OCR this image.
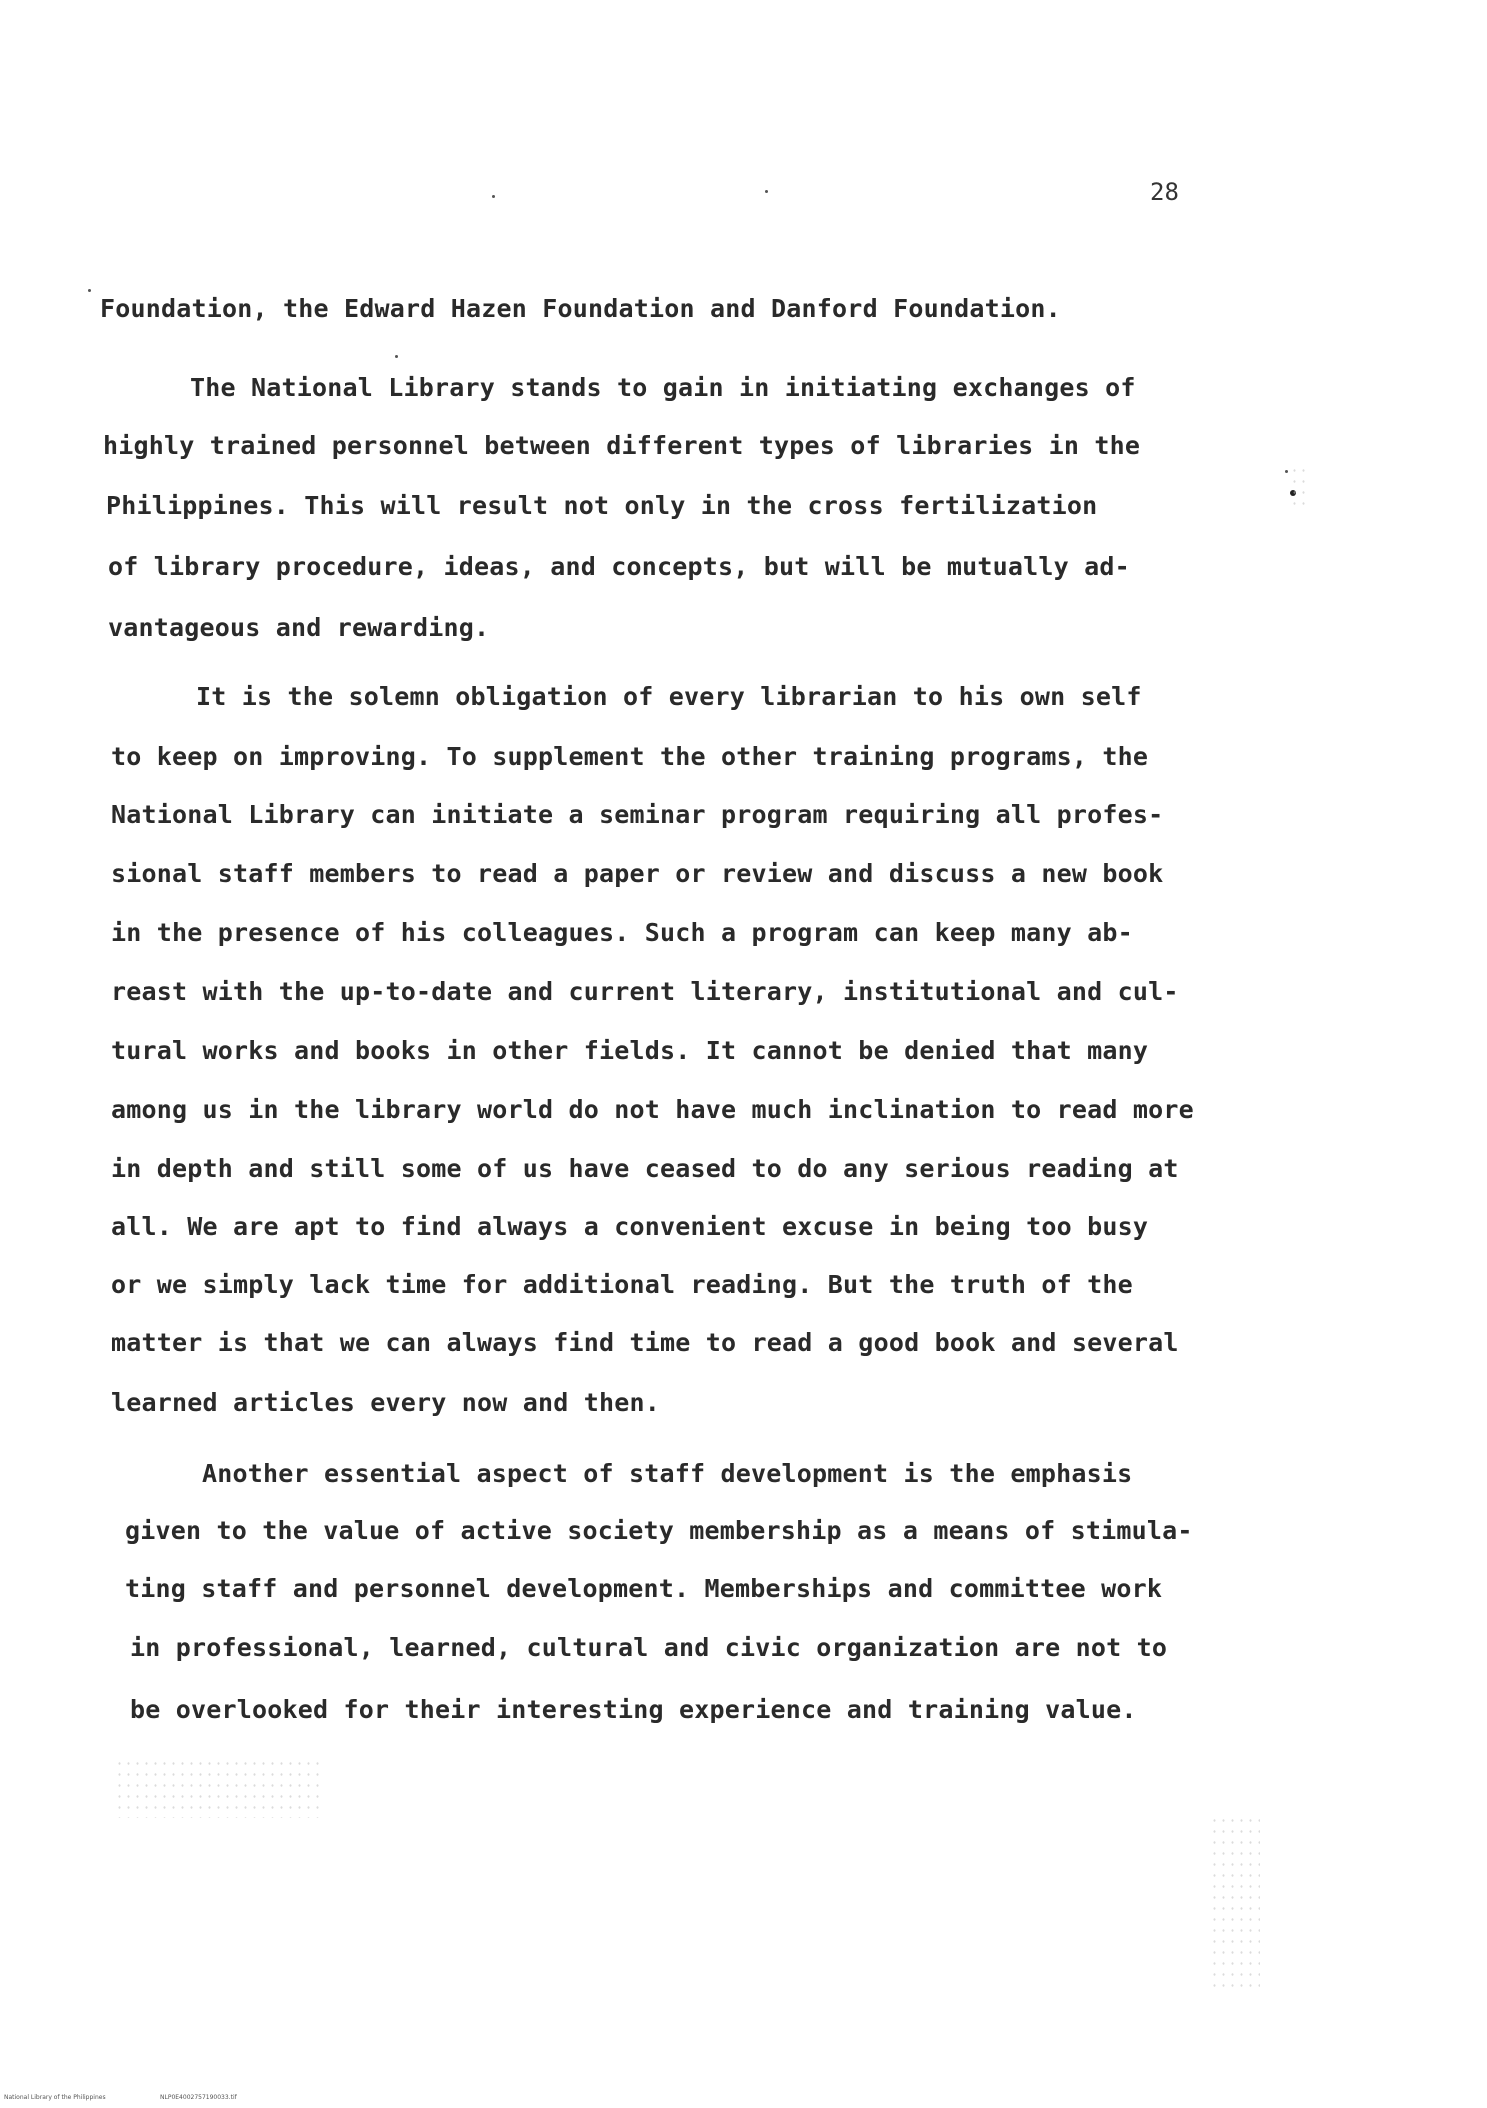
28
Foundation, the Edward Hazen Foundation and Danford Foundation.
The National Library stands to gain in initiating exchanges of
highly trained personnel between different types of libraries in the
Philippines. This will result not only in the cross fertilization
of library procedure, ideas, and concepts, but will be mutually ad-
vantageous and rewarding.
It is the solemn obligation of every librarian to his own self
to keep on improving. To supplement the other training programs, the
National Library can initiate a seminar program requiring all profes-
sional staff members to read a paper or review and discuss a new book
in the presence of his colleagues. Such a program can keep many ab-
reast with the up-to-date and current literary, institutional and cul-
tural works and books in other fields. It cannot be denied that many
among us in the library world do not have much inclination to read more
in depth and still some of us have ceased to do any serious reading at
all. We are apt to find always a convenient excuse in being too busy
or we simply lack time for additional reading. But the truth of the
matter is that we can always find time to read a good book and several
learned articles every now and then.
Another essential aspect of staff development is the emphasis
given to the value of active society membership as a means of stimula-
ting staff and personnel development. Memberships and committee work
in professional, learned, cultural and civic organization are not to
be overlooked for their interesting experience and training value.
National Library of the Philippines	NLP0E4002757190033.tif
